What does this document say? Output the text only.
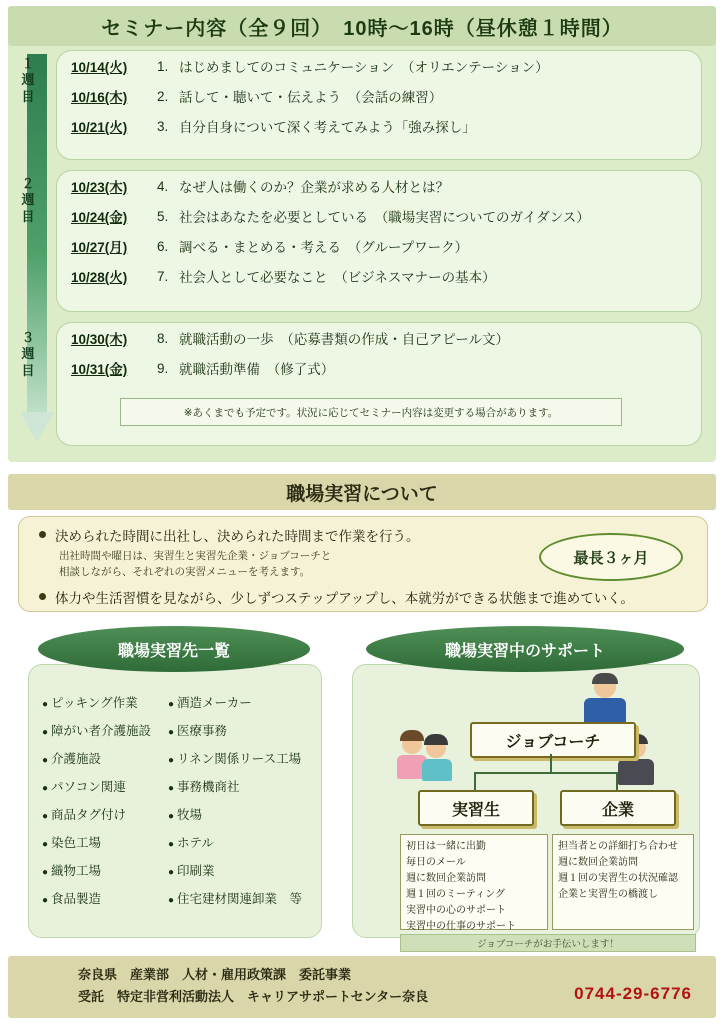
セミナー内容（全９回）　10時〜16時（昼休憩１時間）
１
週
目
２
週
目
３
週
目
10/14(火)	1. はじめましてのコミュニケーション　（オリエンテーション）
10/16(木)	2. 話して・聴いて・伝えよう　（会話の練習）
10/21(火)	3. 自分自身について深く考えてみよう「強み探し」
10/23(木)	4. なぜ人は働くのか？企業が求める人材とは？
10/24(金)	5. 社会はあなたを必要としている　（職場実習についてのガイダンス）
10/27(月)	6. 調べる・まとめる・考える　（グループワーク）
10/28(火)	7. 社会人として必要なこと　（ビジネスマナーの基本）
10/30(木)	8. 就職活動の一歩　（応募書類の作成・自己アピール文）
10/31(金)	9. 就職活動準備　（修了式）
※あくまでも予定です。状況に応じてセミナー内容は変更する場合があります。
職場実習について
決められた時間に出社し、決められた時間まで作業を行う。
出社時間や曜日は、実習生と実習先企業・ジョブコーチと
相談しながら、それぞれの実習メニューを考えます。
体力や生活習慣を見ながら、少しずつステップアップし、本就労ができる状態まで進めていく。
最長３ヶ月
職場実習先一覧	職場実習中のサポート
● ピッキング作業
● 障がい者介護施設
● 介護施設
● パソコン関連
● 商品タグ付け
● 染色工場
● 織物工場
● 食品製造
● 酒造メーカー
● 医療事務
● リネン関係リース工場
● 事務機商社
● 牧場
● ホテル
● 印刷業
● 住宅建材関連卸業　等
ジョブコーチ
実習生	企業
初日は一緒に出勤
毎日のメール
週に数回企業訪問
週１回のミーティング
実習中の心のサポート
実習中の仕事のサポート
担当者との詳細打ち合わせ
週に数回企業訪問
週１回の実習生の状況確認
企業と実習生の橋渡し
ジョブコーチがお手伝いします！
奈良県　産業部　人材・雇用政策課　委託事業
受託　特定非営利活動法人　キャリアサポートセンター奈良	0744-29-6776
